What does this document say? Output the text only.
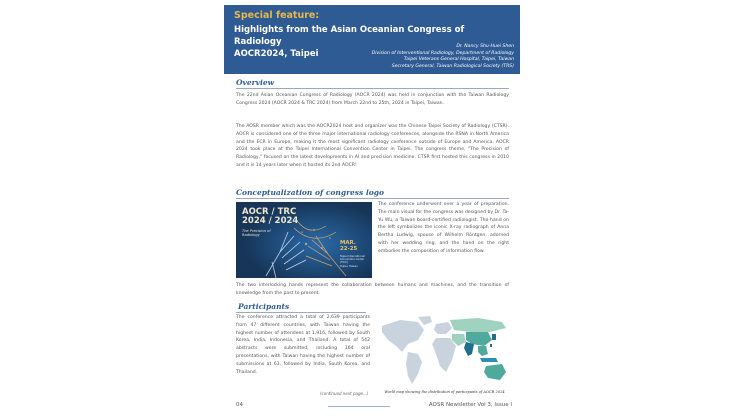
Special feature:
Highlights from the Asian Oceanian Congress of Radiology
AOCR2024, Taipei
Dr. Nancy Shu-Huei Shen
Division of Interventional Radiology, Department of Radiology
Taipei Veterans General Hospital, Taipei, Taiwan
Secretary General, Taiwan Radiological Society (TRS)
Overview

The 22nd Asian Oceanian Congress of Radiology (AOCR 2024) was held in conjunction with the Taiwan Radiology Congress 2024 (AOCR 2024 & TRC 2024) from March 22nd to 25th, 2024 in Taipei, Taiwan.

The AOSR member which was the AOCR2024 host and organizer was the Chinese Taipei Society of Radiology (CTSR). AOCR is considered one of the three major international radiology conferences, alongside the RSNA in North America and the ECR in Europe, making it the most significant radiology conference outside of Europe and America. AOCR 2024 took place at the Taipei International Convention Center in Taipei. The congress theme, "The Precision of Radiology," focused on the latest developments in AI and precision medicine. CTSR first hosted this congress in 2010 and it is 14 years later when it hosted its 2nd AOCR!

Conceptualization of congress logo
AOCR / TRC
2024 / 2024
The Precision of
Radiology
MAR.
22-25
Taipei International
Convention Center (TICC)
Taipei, Taiwan

The conference underwent over a year of preparation. The main visual for the congress was designed by Dr. Ta-Yu Wu, a Taiwan board-certified radiologist. The hand on the left symbolizes the iconic X-ray radiograph of Anna Bertha Ludwig, spouse of Wilhelm Röntgen, adorned with her wedding ring, and the hand on the right embodies the composition of information flow.

The two interlocking hands represent the collaboration between humans and machines, and the transition of knowledge from the past to present.

Participants

The conference attracted a total of 2,639 participants from 47 different countries, with Taiwan having the highest number of attendees at 1,916, followed by South Korea, India, Indonesia, and Thailand. A total of 542 abstracts were submitted, including 164 oral presentations, with Taiwan having the highest number of submissions at 63, followed by India, South Korea, and Thailand.

(continued next page...)	World map showing the distribution of participants of AOCR 2024
04	AOSR Newsletter Vol 3, Issue I
